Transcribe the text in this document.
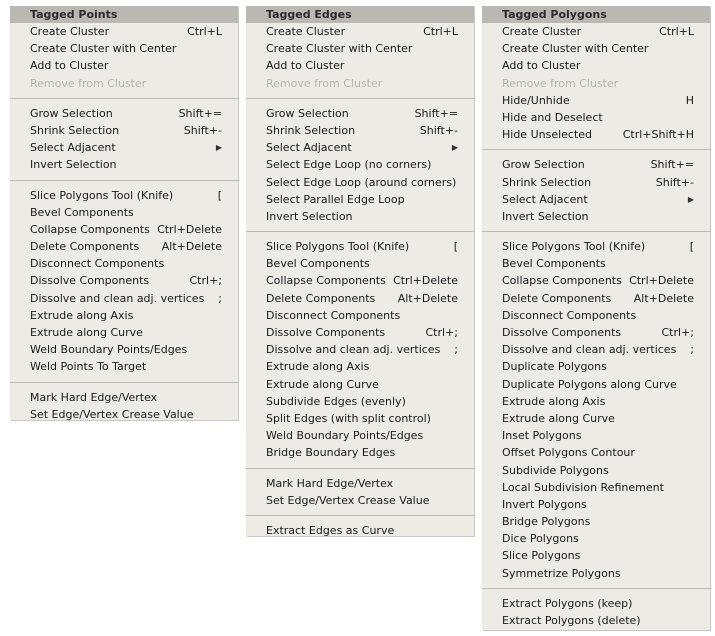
Tagged Points
Create Cluster	Ctrl+L
Create Cluster with Center
Add to Cluster
Remove from Cluster
Grow Selection	Shift+=
Shrink Selection	Shift+-
Select Adjacent	▶
Invert Selection
Slice Polygons Tool (Knife)	[
Bevel Components
Collapse Components Ctrl+Delete
Delete Components Alt+Delete
Disconnect Components
Dissolve Components	Ctrl+;
Dissolve and clean adj. vertices ;
Extrude along Axis
Extrude along Curve
Weld Boundary Points/Edges
Weld Points To Target
Mark Hard Edge/Vertex
Set Edge/Vertex Crease Value
Tagged Edges
Create Cluster	Ctrl+L
Create Cluster with Center
Add to Cluster
Remove from Cluster
Grow Selection	Shift+=
Shrink Selection	Shift+-
Select Adjacent	▶
Select Edge Loop (no corners)
Select Edge Loop (around corners)
Select Parallel Edge Loop
Invert Selection
Slice Polygons Tool (Knife)	[
Bevel Components
Collapse Components Ctrl+Delete
Delete Components Alt+Delete
Disconnect Components
Dissolve Components	Ctrl+;
Dissolve and clean adj. vertices ;
Extrude along Axis
Extrude along Curve
Subdivide Edges (evenly)
Split Edges (with split control)
Weld Boundary Points/Edges
Bridge Boundary Edges
Mark Hard Edge/Vertex
Set Edge/Vertex Crease Value
Extract Edges as Curve
Tagged Polygons
Create Cluster	Ctrl+L
Create Cluster with Center
Add to Cluster
Remove from Cluster
Hide/Unhide	H
Hide and Deselect
Hide Unselected	Ctrl+Shift+H
Grow Selection	Shift+=
Shrink Selection	Shift+-
Select Adjacent	▶
Invert Selection
Slice Polygons Tool (Knife)	[
Bevel Components
Collapse Components Ctrl+Delete
Delete Components Alt+Delete
Disconnect Components
Dissolve Components	Ctrl+;
Dissolve and clean adj. vertices ;
Duplicate Polygons
Duplicate Polygons along Curve
Extrude along Axis
Extrude along Curve
Inset Polygons
Offset Polygons Contour
Subdivide Polygons
Local Subdivision Refinement
Invert Polygons
Bridge Polygons
Dice Polygons
Slice Polygons
Symmetrize Polygons
Extract Polygons (keep)
Extract Polygons (delete)
